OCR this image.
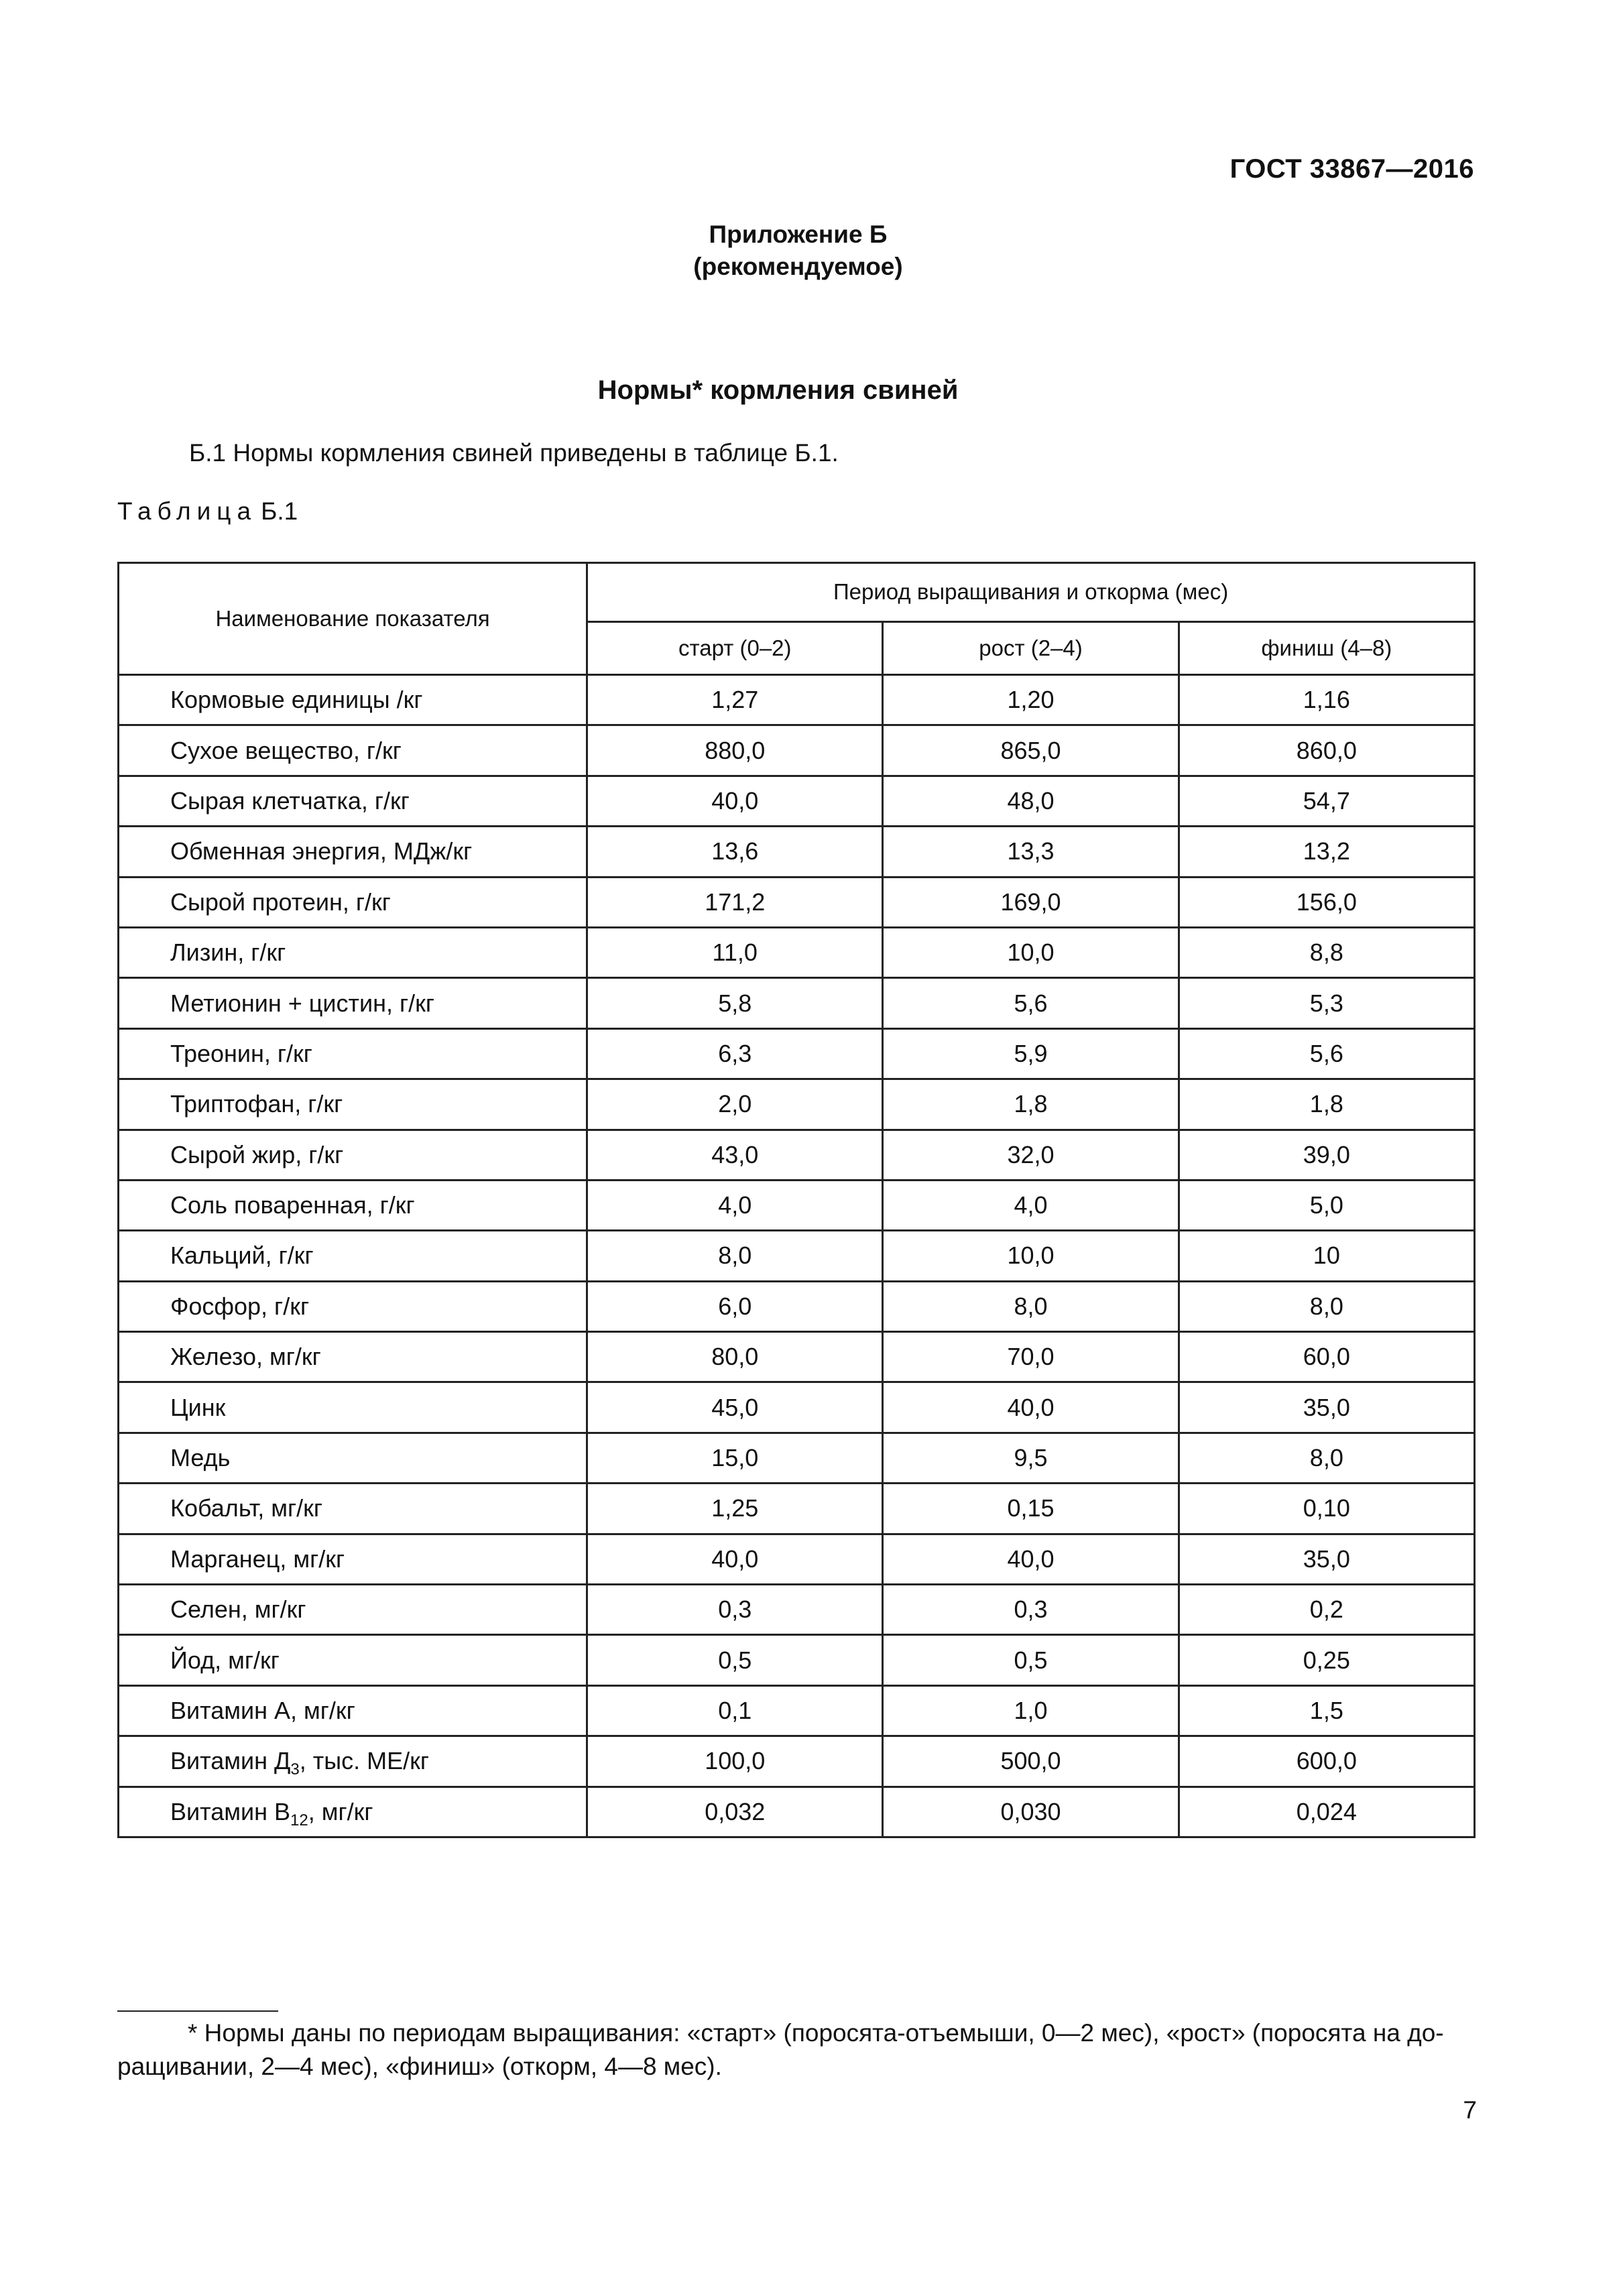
ГОСТ 33867—2016
Приложение Б
(рекомендуемое)
Нормы* кормления свиней
Б.1 Нормы кормления свиней приведены в таблице Б.1.
Таблица Б.1
Наименование показателя	Период выращивания и откорма (мес)		
	старт (0–2)	рост (2–4)	финиш (4–8)
Кормовые единицы /кг	1,27	1,20	1,16
Сухое вещество, г/кг	880,0	865,0	860,0
Сырая клетчатка, г/кг	40,0	48,0	54,7
Обменная энергия, МДж/кг	13,6	13,3	13,2
Сырой протеин, г/кг	171,2	169,0	156,0
Лизин, г/кг	11,0	10,0	8,8
Метионин + цистин, г/кг	5,8	5,6	5,3
Треонин, г/кг	6,3	5,9	5,6
Триптофан, г/кг	2,0	1,8	1,8
Сырой жир, г/кг	43,0	32,0	39,0
Соль поваренная, г/кг	4,0	4,0	5,0
Кальций, г/кг	8,0	10,0	10
Фосфор, г/кг	6,0	8,0	8,0
Железо, мг/кг	80,0	70,0	60,0
Цинк	45,0	40,0	35,0
Медь	15,0	9,5	8,0
Кобальт, мг/кг	1,25	0,15	0,10
Марганец, мг/кг	40,0	40,0	35,0
Селен, мг/кг	0,3	0,3	0,2
Йод, мг/кг	0,5	0,5	0,25
Витамин А, мг/кг	0,1	1,0	1,5
Витамин $Д_3$, тыс. МЕ/кг	100,0	500,0	600,0
Витамин $В_{12}$, мг/кг	0,032	0,030	0,024
* Нормы даны по периодам выращивания: «старт» (поросята-отъемыши, 0—2 мес), «рост» (поросята на до-
ращивании, 2—4 мес), «финиш» (откорм, 4—8 мес).
7
